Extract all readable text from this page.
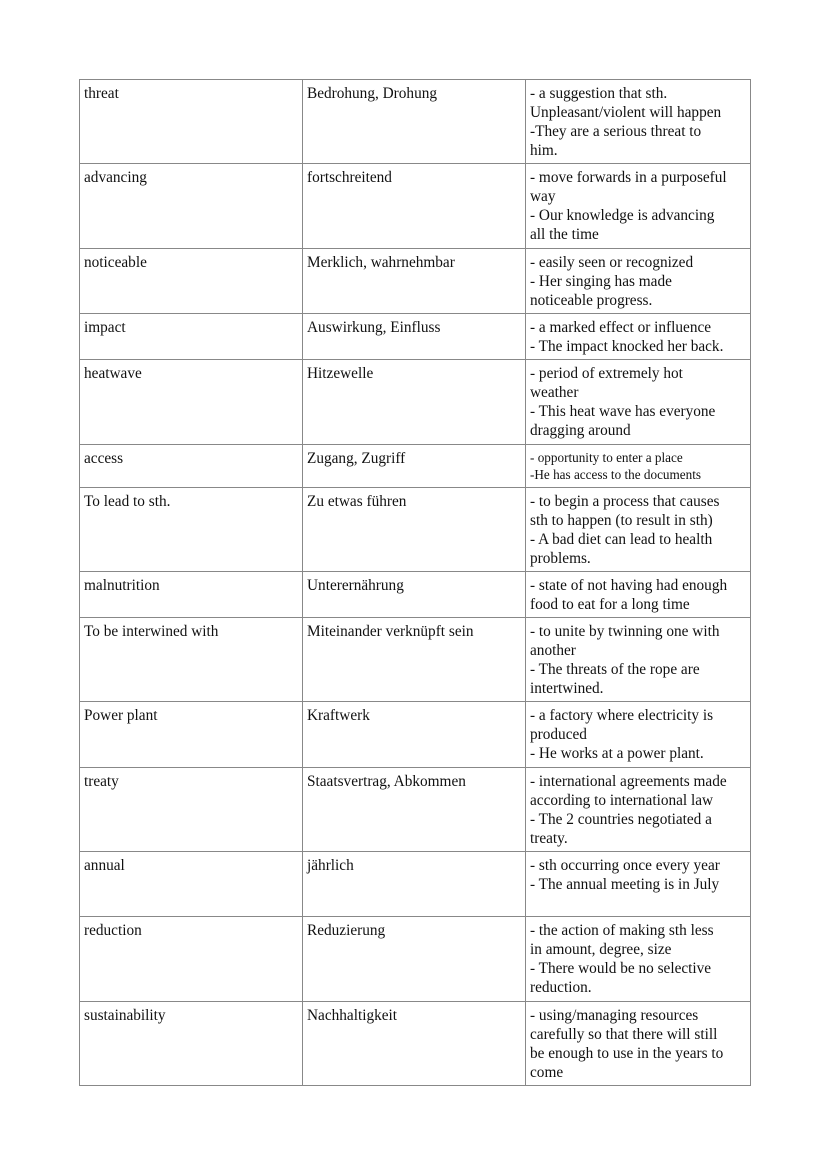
threat	Bedrohung, Drohung	- a suggestion that sth.
Unpleasant/violent will happen
-They are a serious threat to
him.

advancing	fortschreitend	- move forwards in a purposeful
way
- Our knowledge is advancing
all the time

noticeable	Merklich, wahrnehmbar	- easily seen or recognized
- Her singing has made
noticeable progress.

impact	Auswirkung, Einfluss	- a marked effect or influence
- The impact knocked her back.

heatwave	Hitzewelle	- period of extremely hot
weather
- This heat wave has everyone
dragging around

access	Zugang, Zugriff	- opportunity to enter a place
-He has access to the documents

To lead to sth.	Zu etwas führen	- to begin a process that causes
sth to happen (to result in sth)
- A bad diet can lead to health
problems.

malnutrition	Unterernährung	- state of not having had enough
food to eat for a long time

To be interwined with	Miteinander verknüpft sein	- to unite by twinning one with
another
- The threats of the rope are
intertwined.

Power plant	Kraftwerk	- a factory where electricity is
produced
- He works at a power plant.

treaty	Staatsvertrag, Abkommen	- international agreements made
according to international law
- The 2 countries negotiated a
treaty.

annual	jährlich	- sth occurring once every year
- The annual meeting is in July

reduction	Reduzierung	- the action of making sth less
in amount, degree, size
- There would be no selective
reduction.

sustainability	Nachhaltigkeit	- using/managing resources
carefully so that there will still
be enough to use in the years to
come
